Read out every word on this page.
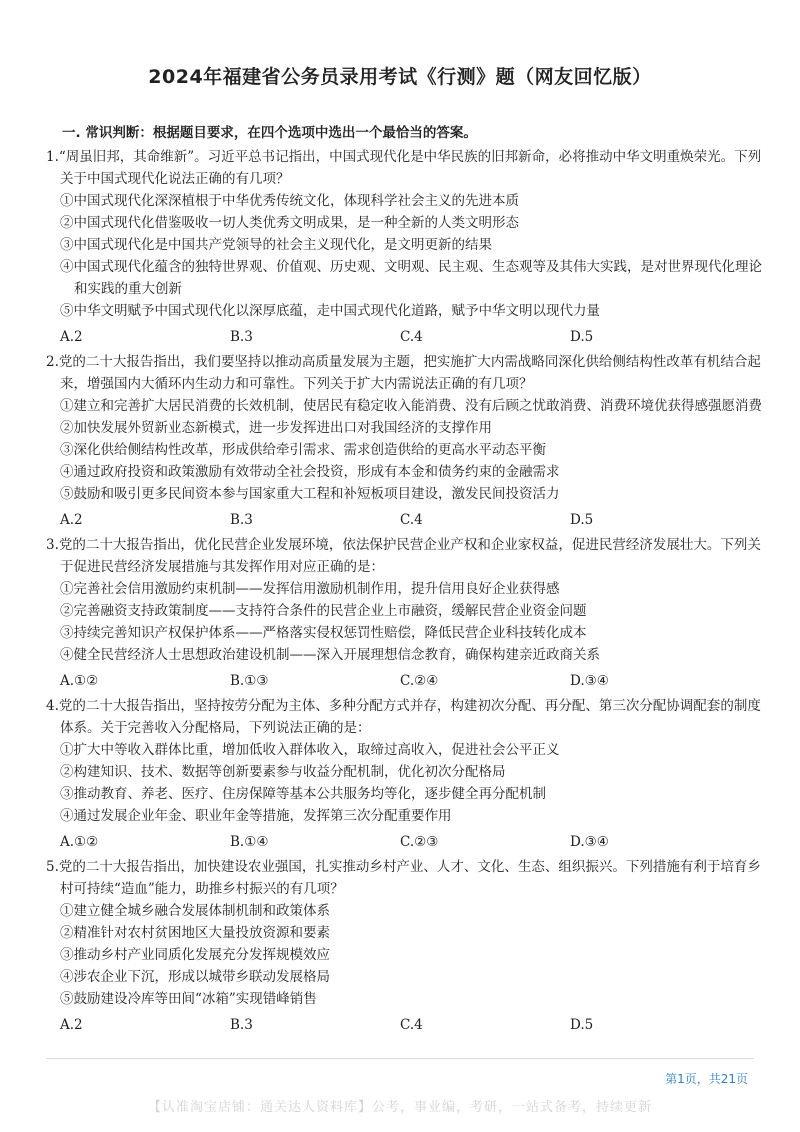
2024年福建省公务员录用考试《行测》题（网友回忆版）
一. 常识判断：根据题目要求，在四个选项中选出一个最恰当的答案。
1.“周虽旧邦，其命维新”。习近平总书记指出，中国式现代化是中华民族的旧邦新命，必将推动中华文明重焕荣光。下列关于中国式现代化说法正确的有几项？
①中国式现代化深深植根于中华优秀传统文化，体现科学社会主义的先进本质
②中国式现代化借鉴吸收一切人类优秀文明成果，是一种全新的人类文明形态
③中国式现代化是中国共产党领导的社会主义现代化，是文明更新的结果
④中国式现代化蕴含的独特世界观、价值观、历史观、文明观、民主观、生态观等及其伟大实践，是对世界现代化理论和实践的重大创新
⑤中华文明赋予中国式现代化以深厚底蕴，走中国式现代化道路，赋予中华文明以现代力量
A.2	B.3	C.4	D.5
2.党的二十大报告指出，我们要坚持以推动高质量发展为主题，把实施扩大内需战略同深化供给侧结构性改革有机结合起来，增强国内大循环内生动力和可靠性。下列关于扩大内需说法正确的有几项？
①建立和完善扩大居民消费的长效机制，使居民有稳定收入能消费、没有后顾之忧敢消费、消费环境优获得感强愿消费
②加快发展外贸新业态新模式，进一步发挥进出口对我国经济的支撑作用
③深化供给侧结构性改革，形成供给牵引需求、需求创造供给的更高水平动态平衡
④通过政府投资和政策激励有效带动全社会投资，形成有本金和债务约束的金融需求
⑤鼓励和吸引更多民间资本参与国家重大工程和补短板项目建设，激发民间投资活力
A.2	B.3	C.4	D.5
3.党的二十大报告指出，优化民营企业发展环境，依法保护民营企业产权和企业家权益，促进民营经济发展壮大。下列关于促进民营经济发展措施与其发挥作用对应正确的是：
①完善社会信用激励约束机制——发挥信用激励机制作用，提升信用良好企业获得感
②完善融资支持政策制度——支持符合条件的民营企业上市融资，缓解民营企业资金问题
③持续完善知识产权保护体系——严格落实侵权惩罚性赔偿，降低民营企业科技转化成本
④健全民营经济人士思想政治建设机制——深入开展理想信念教育，确保构建亲近政商关系
A.①②	B.①③	C.②④	D.③④
4.党的二十大报告指出，坚持按劳分配为主体、多种分配方式并存，构建初次分配、再分配、第三次分配协调配套的制度体系。关于完善收入分配格局，下列说法正确的是：
①扩大中等收入群体比重，增加低收入群体收入，取缔过高收入，促进社会公平正义
②构建知识、技术、数据等创新要素参与收益分配机制，优化初次分配格局
③推动教育、养老、医疗、住房保障等基本公共服务均等化，逐步健全再分配机制
④通过发展企业年金、职业年金等措施，发挥第三次分配重要作用
A.①②	B.①④	C.②③	D.③④
5.党的二十大报告指出，加快建设农业强国，扎实推动乡村产业、人才、文化、生态、组织振兴。下列措施有利于培育乡村可持续“造血”能力，助推乡村振兴的有几项？
①建立健全城乡融合发展体制机制和政策体系
②精准针对农村贫困地区大量投放资源和要素
③推动乡村产业同质化发展充分发挥规模效应
④涉农企业下沉，形成以城带乡联动发展格局
⑤鼓励建设冷库等田间“冰箱”实现错峰销售
A.2	B.3	C.4	D.5
第1页，共21页
【认准淘宝店铺：通关达人资料库】公考，事业编，考研，一站式备考，持续更新
